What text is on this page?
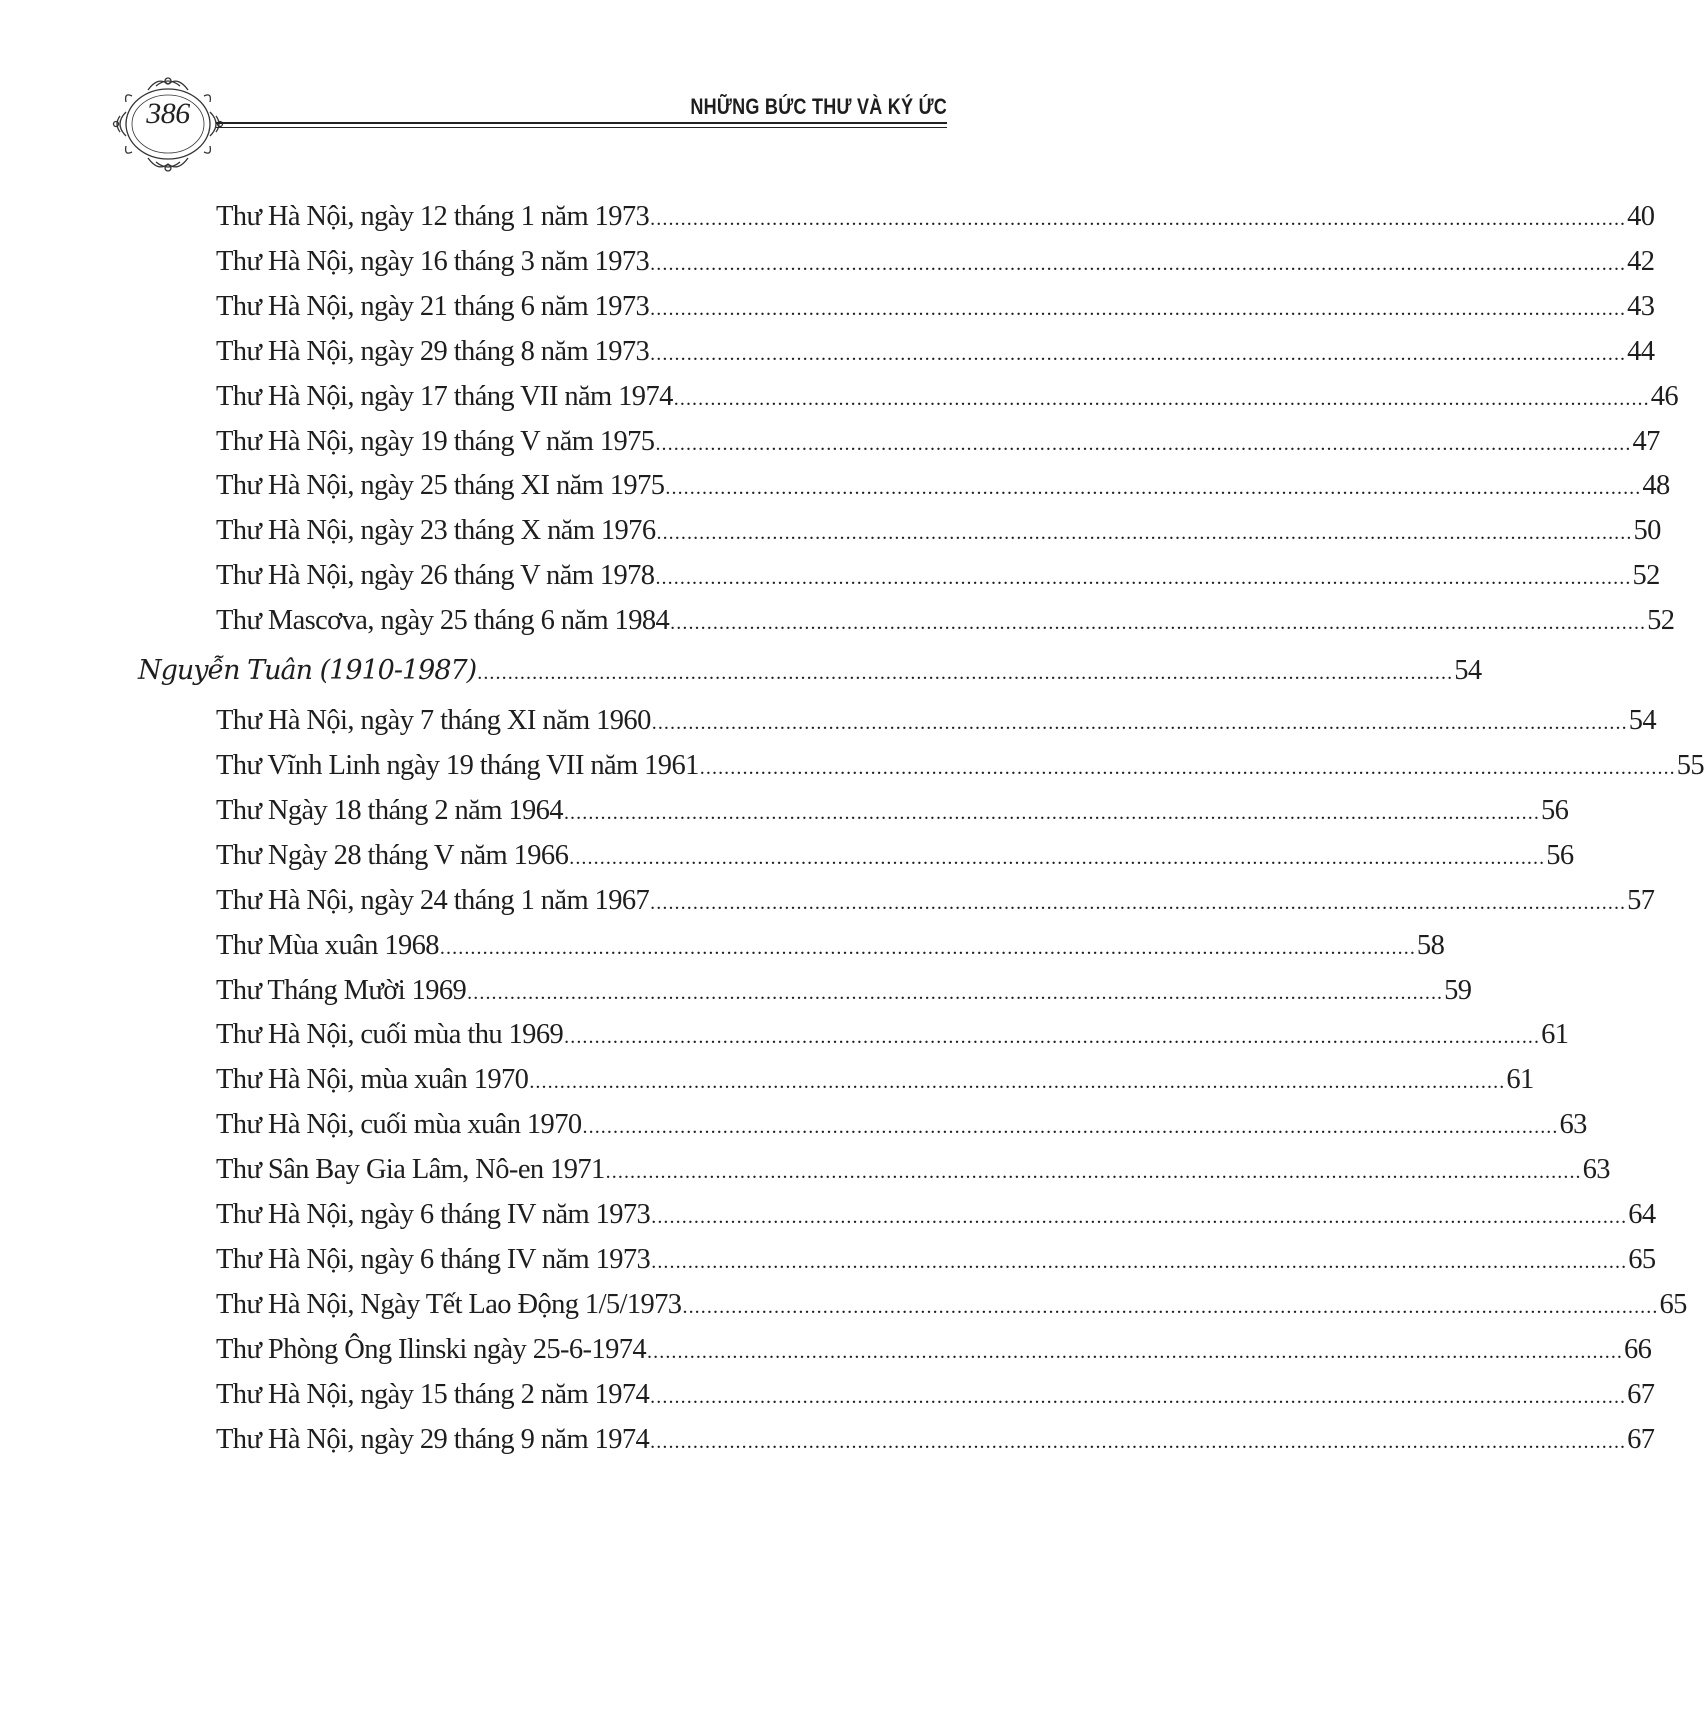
386	NHỮNG BỨC THƯ VÀ KÝ ỨC
Thư Hà Nội, ngày 12 tháng 1 năm 1973 ................................................................................................................................................................ 40
Thư Hà Nội, ngày 16 tháng 3 năm 1973 ................................................................................................................................................................ 42
Thư Hà Nội, ngày 21 tháng 6 năm 1973 ................................................................................................................................................................ 43
Thư Hà Nội, ngày 29 tháng 8 năm 1973 ................................................................................................................................................................ 44
Thư Hà Nội, ngày 17 tháng VII năm 1974 ................................................................................................................................................................ 46
Thư Hà Nội, ngày 19 tháng V năm 1975 ................................................................................................................................................................ 47
Thư Hà Nội, ngày 25 tháng XI năm 1975 ................................................................................................................................................................ 48
Thư Hà Nội, ngày 23 tháng X năm 1976 ................................................................................................................................................................ 50
Thư Hà Nội, ngày 26 tháng V năm 1978 ................................................................................................................................................................ 52
Thư Mascơva, ngày 25 tháng 6 năm 1984 ................................................................................................................................................................ 52
Nguyễn Tuân (1910-1987) ................................................................................................................................................................ 54
Thư Hà Nội, ngày 7 tháng XI năm 1960 ................................................................................................................................................................ 54
Thư Vĩnh Linh ngày 19 tháng VII năm 1961 ................................................................................................................................................................ 55
Thư Ngày 18 tháng 2 năm 1964 ................................................................................................................................................................ 56
Thư Ngày 28 tháng V năm 1966 ................................................................................................................................................................ 56
Thư Hà Nội, ngày 24 tháng 1 năm 1967 ................................................................................................................................................................ 57
Thư Mùa xuân 1968 ................................................................................................................................................................ 58
Thư Tháng Mười 1969 ................................................................................................................................................................ 59
Thư Hà Nội, cuối mùa thu 1969 ................................................................................................................................................................ 61
Thư Hà Nội, mùa xuân 1970 ................................................................................................................................................................ 61
Thư Hà Nội, cuối mùa xuân 1970 ................................................................................................................................................................ 63
Thư Sân Bay Gia Lâm, Nô-en 1971 ................................................................................................................................................................ 63
Thư Hà Nội, ngày 6 tháng IV năm 1973 ................................................................................................................................................................ 64
Thư Hà Nội, ngày 6 tháng IV năm 1973 ................................................................................................................................................................ 65
Thư Hà Nội, Ngày Tết Lao Động 1/5/1973 ................................................................................................................................................................ 65
Thư Phòng Ông Ilinski ngày 25-6-1974 ................................................................................................................................................................ 66
Thư Hà Nội, ngày 15 tháng 2 năm 1974 ................................................................................................................................................................ 67
Thư Hà Nội, ngày 29 tháng 9 năm 1974 ................................................................................................................................................................ 67
